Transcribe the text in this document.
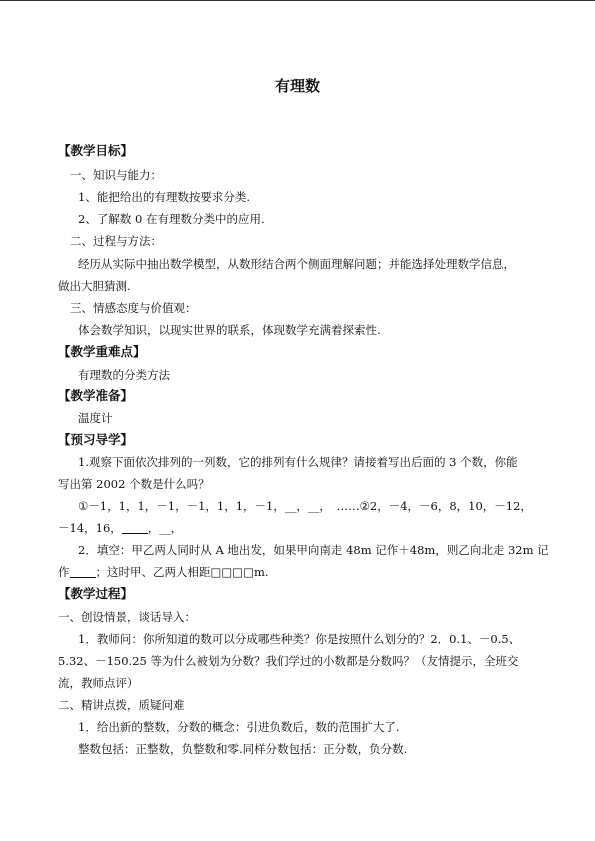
有理数
【教学目标】
一、知识与能力：
1、能把给出的有理数按要求分类.
2、了解数 0 在有理数分类中的应用.
二、过程与方法：
经历从实际中抽出数学模型，从数形结合两个侧面理解问题；并能选择处理数学信息，
做出大胆猜测.
三、情感态度与价值观：
体会数学知识，以现实世界的联系，体现数学充满着探索性.
【教学重难点】
有理数的分类方法
【教学准备】
温度计
【预习导学】
1.观察下面依次排列的一列数，它的排列有什么规律？请接着写出后面的 3 个数，你能
写出第 2002 个数是什么吗？
①－1，1，1，－1，－1，1，1，－1，__，__，　……②2，－4，－6，8，10，－12，
－14，16， ，__，
2．填空：甲乙两人同时从 A 地出发，如果甲向南走 48m 记作＋48m，则乙向北走 32m 记
作 ；这时甲、乙两人相距□□□□m.
【教学过程】
一、创设情景，谈话导入：
1．教师问：你所知道的数可以分成哪些种类？你是按照什么划分的？2．0.1、－0.5、
5.32、－150.25 等为什么被划为分数？我们学过的小数都是分数吗？（友情提示，全班交
流，教师点评）
二、精讲点拨，质疑问难
1．给出新的整数，分数的概念：引进负数后，数的范围扩大了.
整数包括：正整数，负整数和零.同样分数包括：正分数，负分数.
